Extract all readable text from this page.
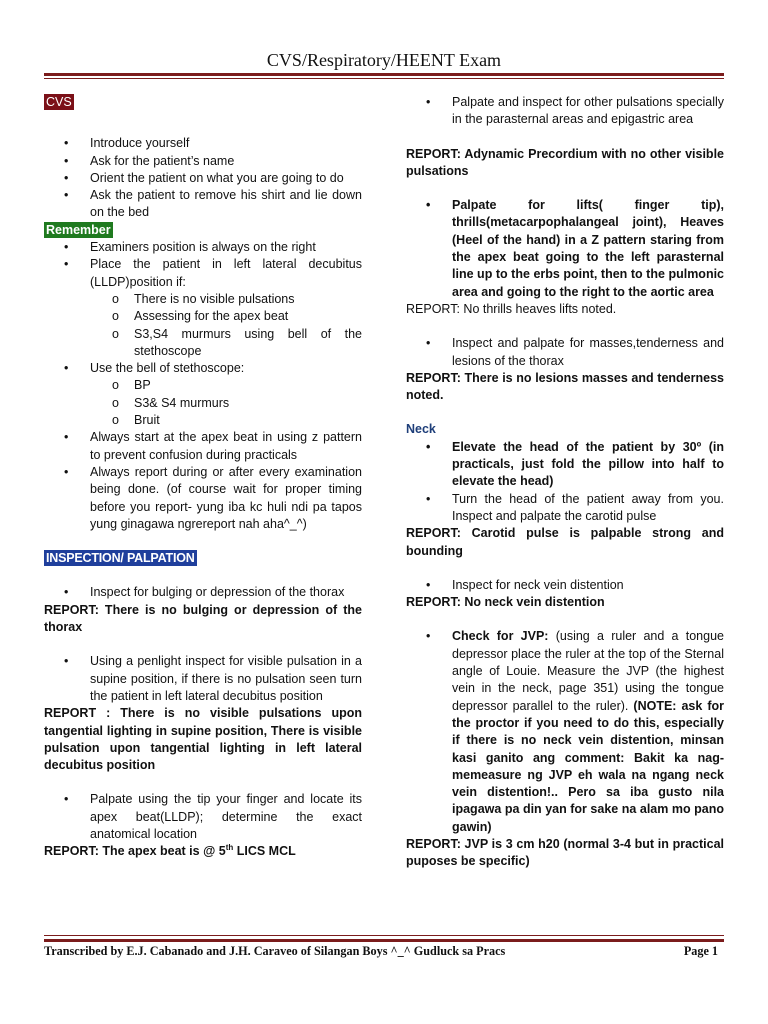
CVS/Respiratory/HEENT Exam
CVS
• Introduce yourself
• Ask for the patient’s name
• Orient the patient on what you are going to do
• Ask the patient to remove his shirt and lie down on the bed
Remember
• Examiners position is always on the right
• Place the patient in left lateral decubitus (LLDP)position if:
o There is no visible pulsations
o Assessing for the apex beat
o S3,S4 murmurs using bell of the stethoscope
• Use the bell of stethoscope:
o BP
o S3& S4 murmurs
o Bruit
• Always start at the apex beat in using z pattern to prevent confusion during practicals
• Always report during or after every examination being done. (of course wait for proper timing before you report- yung iba kc huli ndi pa tapos yung ginagawa ngrereport nah aha^_^)
INSPECTION/ PALPATION
• Inspect for bulging or depression of the thorax
REPORT: There is no bulging or depression of the thorax
• Using a penlight inspect for visible pulsation in a supine position, if there is no pulsation seen turn the patient in left lateral decubitus position
REPORT : There is no visible pulsations upon tangential lighting in supine position, There is visible pulsation upon tangential lighting in left lateral decubitus position
• Palpate using the tip your finger and locate its apex beat(LLDP); determine the exact anatomical location
REPORT: The apex beat is @ 5th LICS MCL
• Palpate and inspect for other pulsations specially in the parasternal areas and epigastric area
REPORT: Adynamic Precordium with no other visible pulsations
• Palpate for lifts( finger tip), thrills(metacarpophalangeal joint), Heaves (Heel of the hand) in a Z pattern staring from the apex beat going to the left parasternal line up to the erbs point, then to the pulmonic area and going to the right to the aortic area
REPORT: No thrills heaves lifts noted.
• Inspect and palpate for masses,tenderness and lesions of the thorax
REPORT: There is no lesions masses and tenderness noted.
Neck
• Elevate the head of the patient by 30º (in practicals, just fold the pillow into half to elevate the head)
• Turn the head of the patient away from you. Inspect and palpate the carotid pulse
REPORT: Carotid pulse is palpable strong and bounding
• Inspect for neck vein distention
REPORT: No neck vein distention
• Check for JVP: (using a ruler and a tongue depressor place the ruler at the top of the Sternal angle of Louie. Measure the JVP (the highest vein in the neck, page 351) using the tongue depressor parallel to the ruler). (NOTE: ask for the proctor if you need to do this, especially if there is no neck vein distention, minsan kasi ganito ang comment: Bakit ka nag-memeasure ng JVP eh wala na ngang neck vein distention!.. Pero sa iba gusto nila ipagawa pa din yan for sake na alam mo pano gawin)
REPORT: JVP is 3 cm h20 (normal 3-4 but in practical puposes be specific)
Transcribed by E.J. Cabanado and J.H. Caraveo of Silangan Boys ^_^ Gudluck sa Pracs	Page 1
